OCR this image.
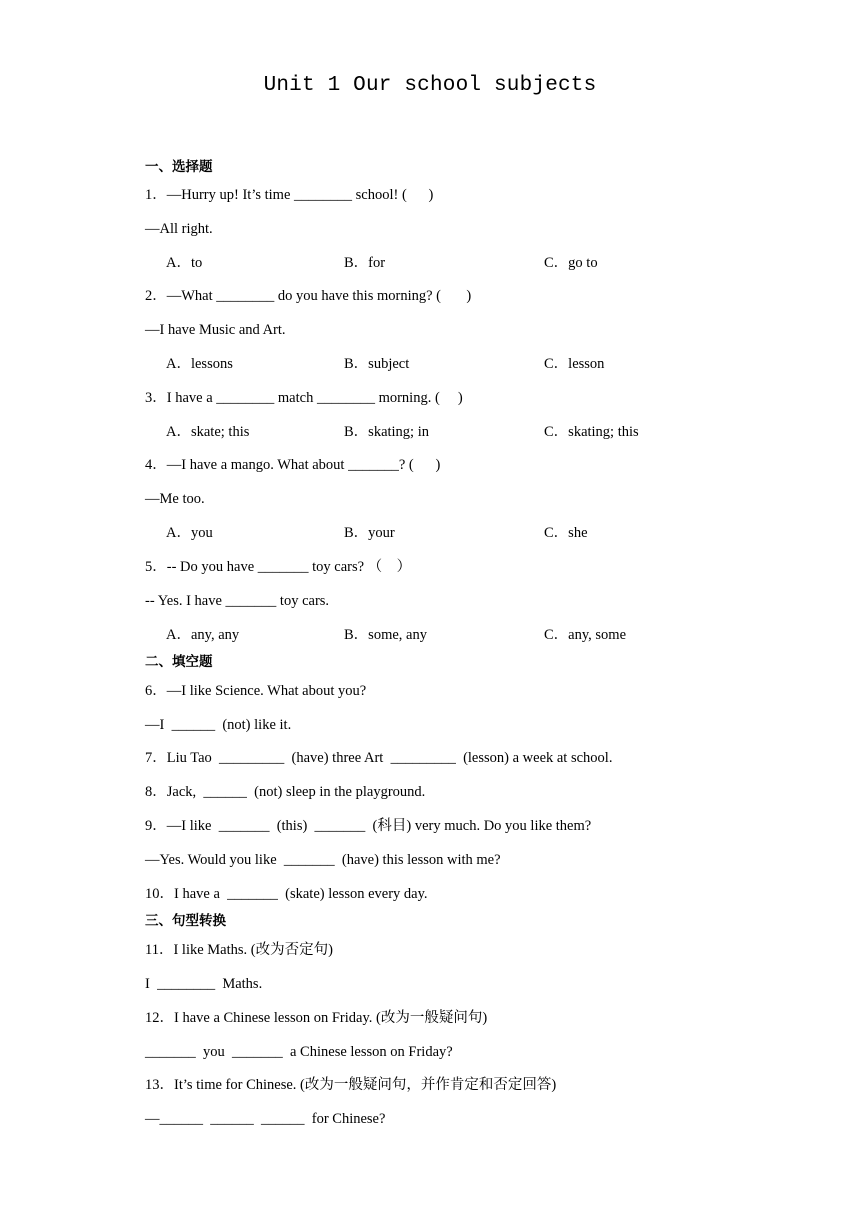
Unit 1 Our school subjects
一、选择题
1．—Hurry up! It’s time ________ school! (      )
—All right.
A．to	B．for	C．go to
2．—What ________ do you have this morning? (       )
—I have Music and Art.
A．lessons	B．subject	C．lesson
3．I have a ________ match ________ morning. (     )
A．skate; this	B．skating; in	C．skating; this
4．—I have a mango. What about _______? (      )
—Me too.
A．you	B．your	C．she
5．-- Do you have _______ toy cars? （    ）
-- Yes. I have _______ toy cars.
A．any, any	B．some, any	C．any, some
二、填空题
6．—I like Science. What about you?
—I  ______  (not) like it.
7．Liu Tao  _________  (have) three Art  _________  (lesson) a week at school.
8．Jack,  ______  (not) sleep in the playground.
9．—I like  _______  (this)  _______  (科目) very much. Do you like them?
—Yes. Would you like  _______  (have) this lesson with me?
10．I have a  _______  (skate) lesson every day.
三、句型转换
11．I like Maths. (改为否定句)
I  ________  Maths.
12．I have a Chinese lesson on Friday. (改为一般疑问句)
_______  you  _______  a Chinese lesson on Friday?
13．It’s time for Chinese. (改为一般疑问句，并作肯定和否定回答)
—______  ______  ______  for Chinese?
